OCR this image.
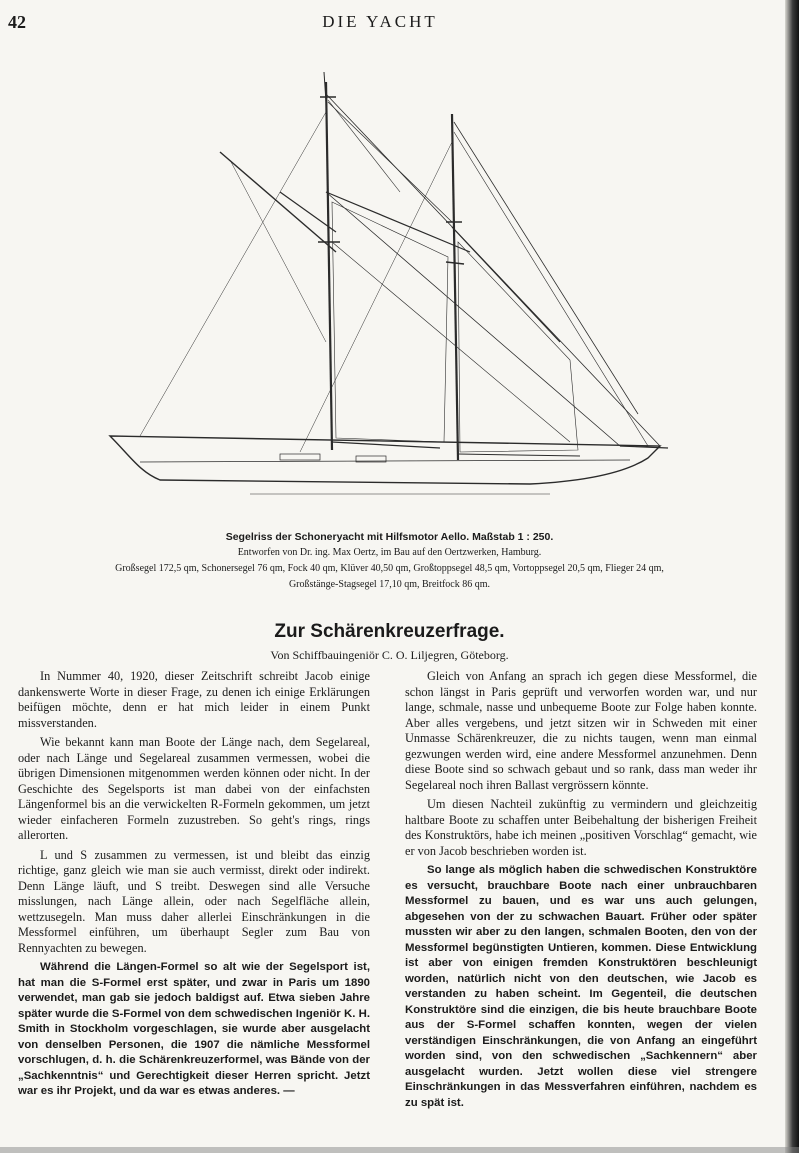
42	DIE YACHT
Segelriss der Schoneryacht mit Hilfsmotor Aello. Maßstab 1 : 250.
Entworfen von Dr. ing. Max Oertz, im Bau auf den Oertzwerken, Hamburg.
Großsegel 172,5 qm, Schonersegel 76 qm, Fock 40 qm, Klüver 40,50 qm, Großtoppsegel 48,5 qm, Vortoppsegel 20,5 qm, Flieger 24 qm,
Großstänge-Stagsegel 17,10 qm, Breitfock 86 qm.
Zur Schärenkreuzerfrage.
Von Schiffbauingeniör C. O. Liljegren, Göteborg.

In Nummer 40, 1920, dieser Zeitschrift schreibt Jacob einige dankenswerte Worte in dieser Frage, zu denen ich einige Erklärungen beifügen möchte, denn er hat mich leider in einem Punkt missverstanden.

Wie bekannt kann man Boote der Länge nach, dem Segelareal, oder nach Länge und Segelareal zusammen vermessen, wobei die übrigen Dimensionen mitgenommen werden können oder nicht. In der Geschichte des Segelsports ist man dabei von der einfachsten Längenformel bis an die verwickelten R-Formeln gekommen, um jetzt wieder einfacheren Formeln zuzustreben. So geht's rings, rings allerorten.

L und S zusammen zu vermessen, ist und bleibt das einzig richtige, ganz gleich wie man sie auch vermisst, direkt oder indirekt. Denn Länge läuft, und S treibt. Deswegen sind alle Versuche misslungen, nach Länge allein, oder nach Segelfläche allein, wettzusegeln. Man muss daher allerlei Einschränkungen in die Messformel einführen, um überhaupt Segler zum Bau von Rennyachten zu bewegen.

Während die Längen-Formel so alt wie der Segelsport ist, hat man die S-Formel erst später, und zwar in Paris um 1890 verwendet, man gab sie jedoch baldigst auf. Etwa sieben Jahre später wurde die S-Formel von dem schwedischen Ingeniör K. H. Smith in Stockholm vorgeschlagen, sie wurde aber ausgelacht von denselben Personen, die 1907 die nämliche Messformel vorschlugen, d. h. die Schärenkreuzerformel, was Bände von der „Sachkenntnis“ und Gerechtigkeit dieser Herren spricht. Jetzt war es ihr Projekt, und da war es etwas anderes. —

Gleich von Anfang an sprach ich gegen diese Messformel, die schon längst in Paris geprüft und verworfen worden war, und nur lange, schmale, nasse und unbequeme Boote zur Folge haben konnte. Aber alles vergebens, und jetzt sitzen wir in Schweden mit einer Unmasse Schärenkreuzer, die zu nichts taugen, wenn man einmal gezwungen werden wird, eine andere Messformel anzunehmen. Denn diese Boote sind so schwach gebaut und so rank, dass man weder ihr Segelareal noch ihren Ballast vergrössern könnte.

Um diesen Nachteil zukünftig zu vermindern und gleichzeitig haltbare Boote zu schaffen unter Beibehaltung der bisherigen Freiheit des Konstruktörs, habe ich meinen „positiven Vorschlag“ gemacht, wie er von Jacob beschrieben worden ist.

So lange als möglich haben die schwedischen Konstruktöre es versucht, brauchbare Boote nach einer unbrauchbaren Messformel zu bauen, und es war uns auch gelungen, abgesehen von der zu schwachen Bauart. Früher oder später mussten wir aber zu den langen, schmalen Booten, den von der Messformel begünstigten Untieren, kommen. Diese Entwicklung ist aber von einigen fremden Konstruktören beschleunigt worden, natürlich nicht von den deutschen, wie Jacob es verstanden zu haben scheint. Im Gegenteil, die deutschen Konstruktöre sind die einzigen, die bis heute brauchbare Boote aus der S-Formel schaffen konnten, wegen der vielen verständigen Einschränkungen, die von Anfang an eingeführt worden sind, von den schwedischen „Sachkennern“ aber ausgelacht wurden. Jetzt wollen diese viel strengere Einschränkungen in das Messverfahren einführen, nachdem es zu spät ist.
